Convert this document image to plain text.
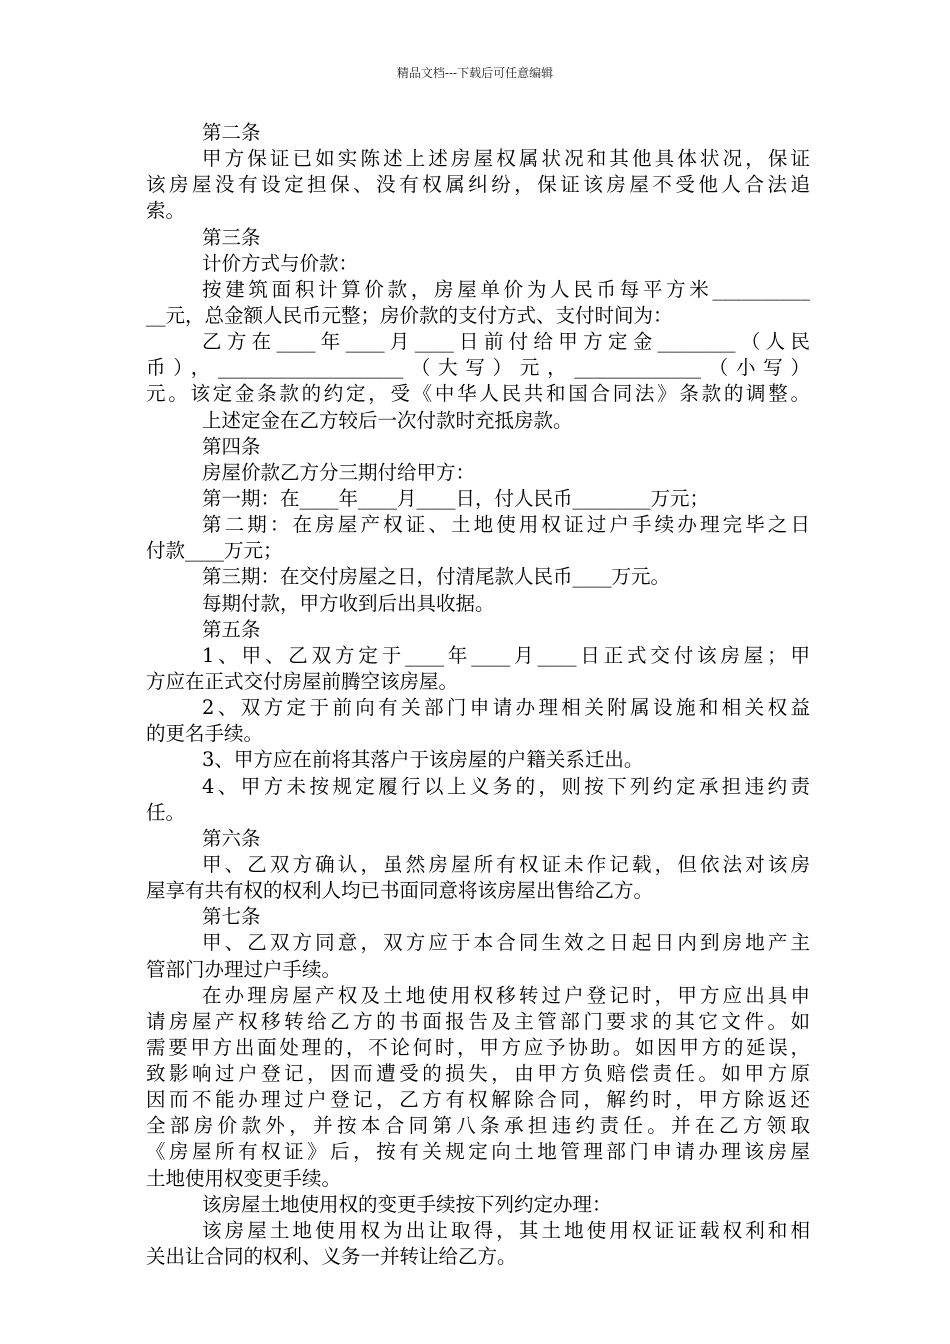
精品文档---下载后可任意编辑
第二条
甲方保证已如实陈述上述房屋权属状况和其他具体状况，保证
该房屋没有设定担保、没有权属纠纷，保证该房屋不受他人合法追
索。
第三条
计价方式与价款：
按建筑面积计算价款，房屋单价为人民币每平方米__________
__元，总金额人民币元整；房价款的支付方式、支付时间为：
乙方在____年____月____日前付给甲方定金________（人民
币），___________________（大写）元，_____________（小写）
元。该定金条款的约定，受《中华人民共和国合同法》条款的调整。
上述定金在乙方较后一次付款时充抵房款。
第四条
房屋价款乙方分三期付给甲方：
第一期：在____年____月____日，付人民币________万元；
第二期：在房屋产权证、土地使用权证过户手续办理完毕之日
付款____万元；
第三期：在交付房屋之日，付清尾款人民币____万元。
每期付款，甲方收到后出具收据。
第五条
1、甲、乙双方定于____年____月____日正式交付该房屋；甲
方应在正式交付房屋前腾空该房屋。
2、双方定于前向有关部门申请办理相关附属设施和相关权益
的更名手续。
3、甲方应在前将其落户于该房屋的户籍关系迁出。
4、甲方未按规定履行以上义务的，则按下列约定承担违约责
任。
第六条
甲、乙双方确认，虽然房屋所有权证未作记载，但依法对该房
屋享有共有权的权利人均已书面同意将该房屋出售给乙方。
第七条
甲、乙双方同意，双方应于本合同生效之日起日内到房地产主
管部门办理过户手续。
在办理房屋产权及土地使用权移转过户登记时，甲方应出具申
请房屋产权移转给乙方的书面报告及主管部门要求的其它文件。如
需要甲方出面处理的，不论何时，甲方应予协助。如因甲方的延误，
致影响过户登记，因而遭受的损失，由甲方负赔偿责任。如甲方原
因而不能办理过户登记，乙方有权解除合同，解约时，甲方除返还
全部房价款外，并按本合同第八条承担违约责任。并在乙方领取
《房屋所有权证》后，按有关规定向土地管理部门申请办理该房屋
土地使用权变更手续。
该房屋土地使用权的变更手续按下列约定办理：
该房屋土地使用权为出让取得，其土地使用权证证载权利和相
关出让合同的权利、义务一并转让给乙方。
